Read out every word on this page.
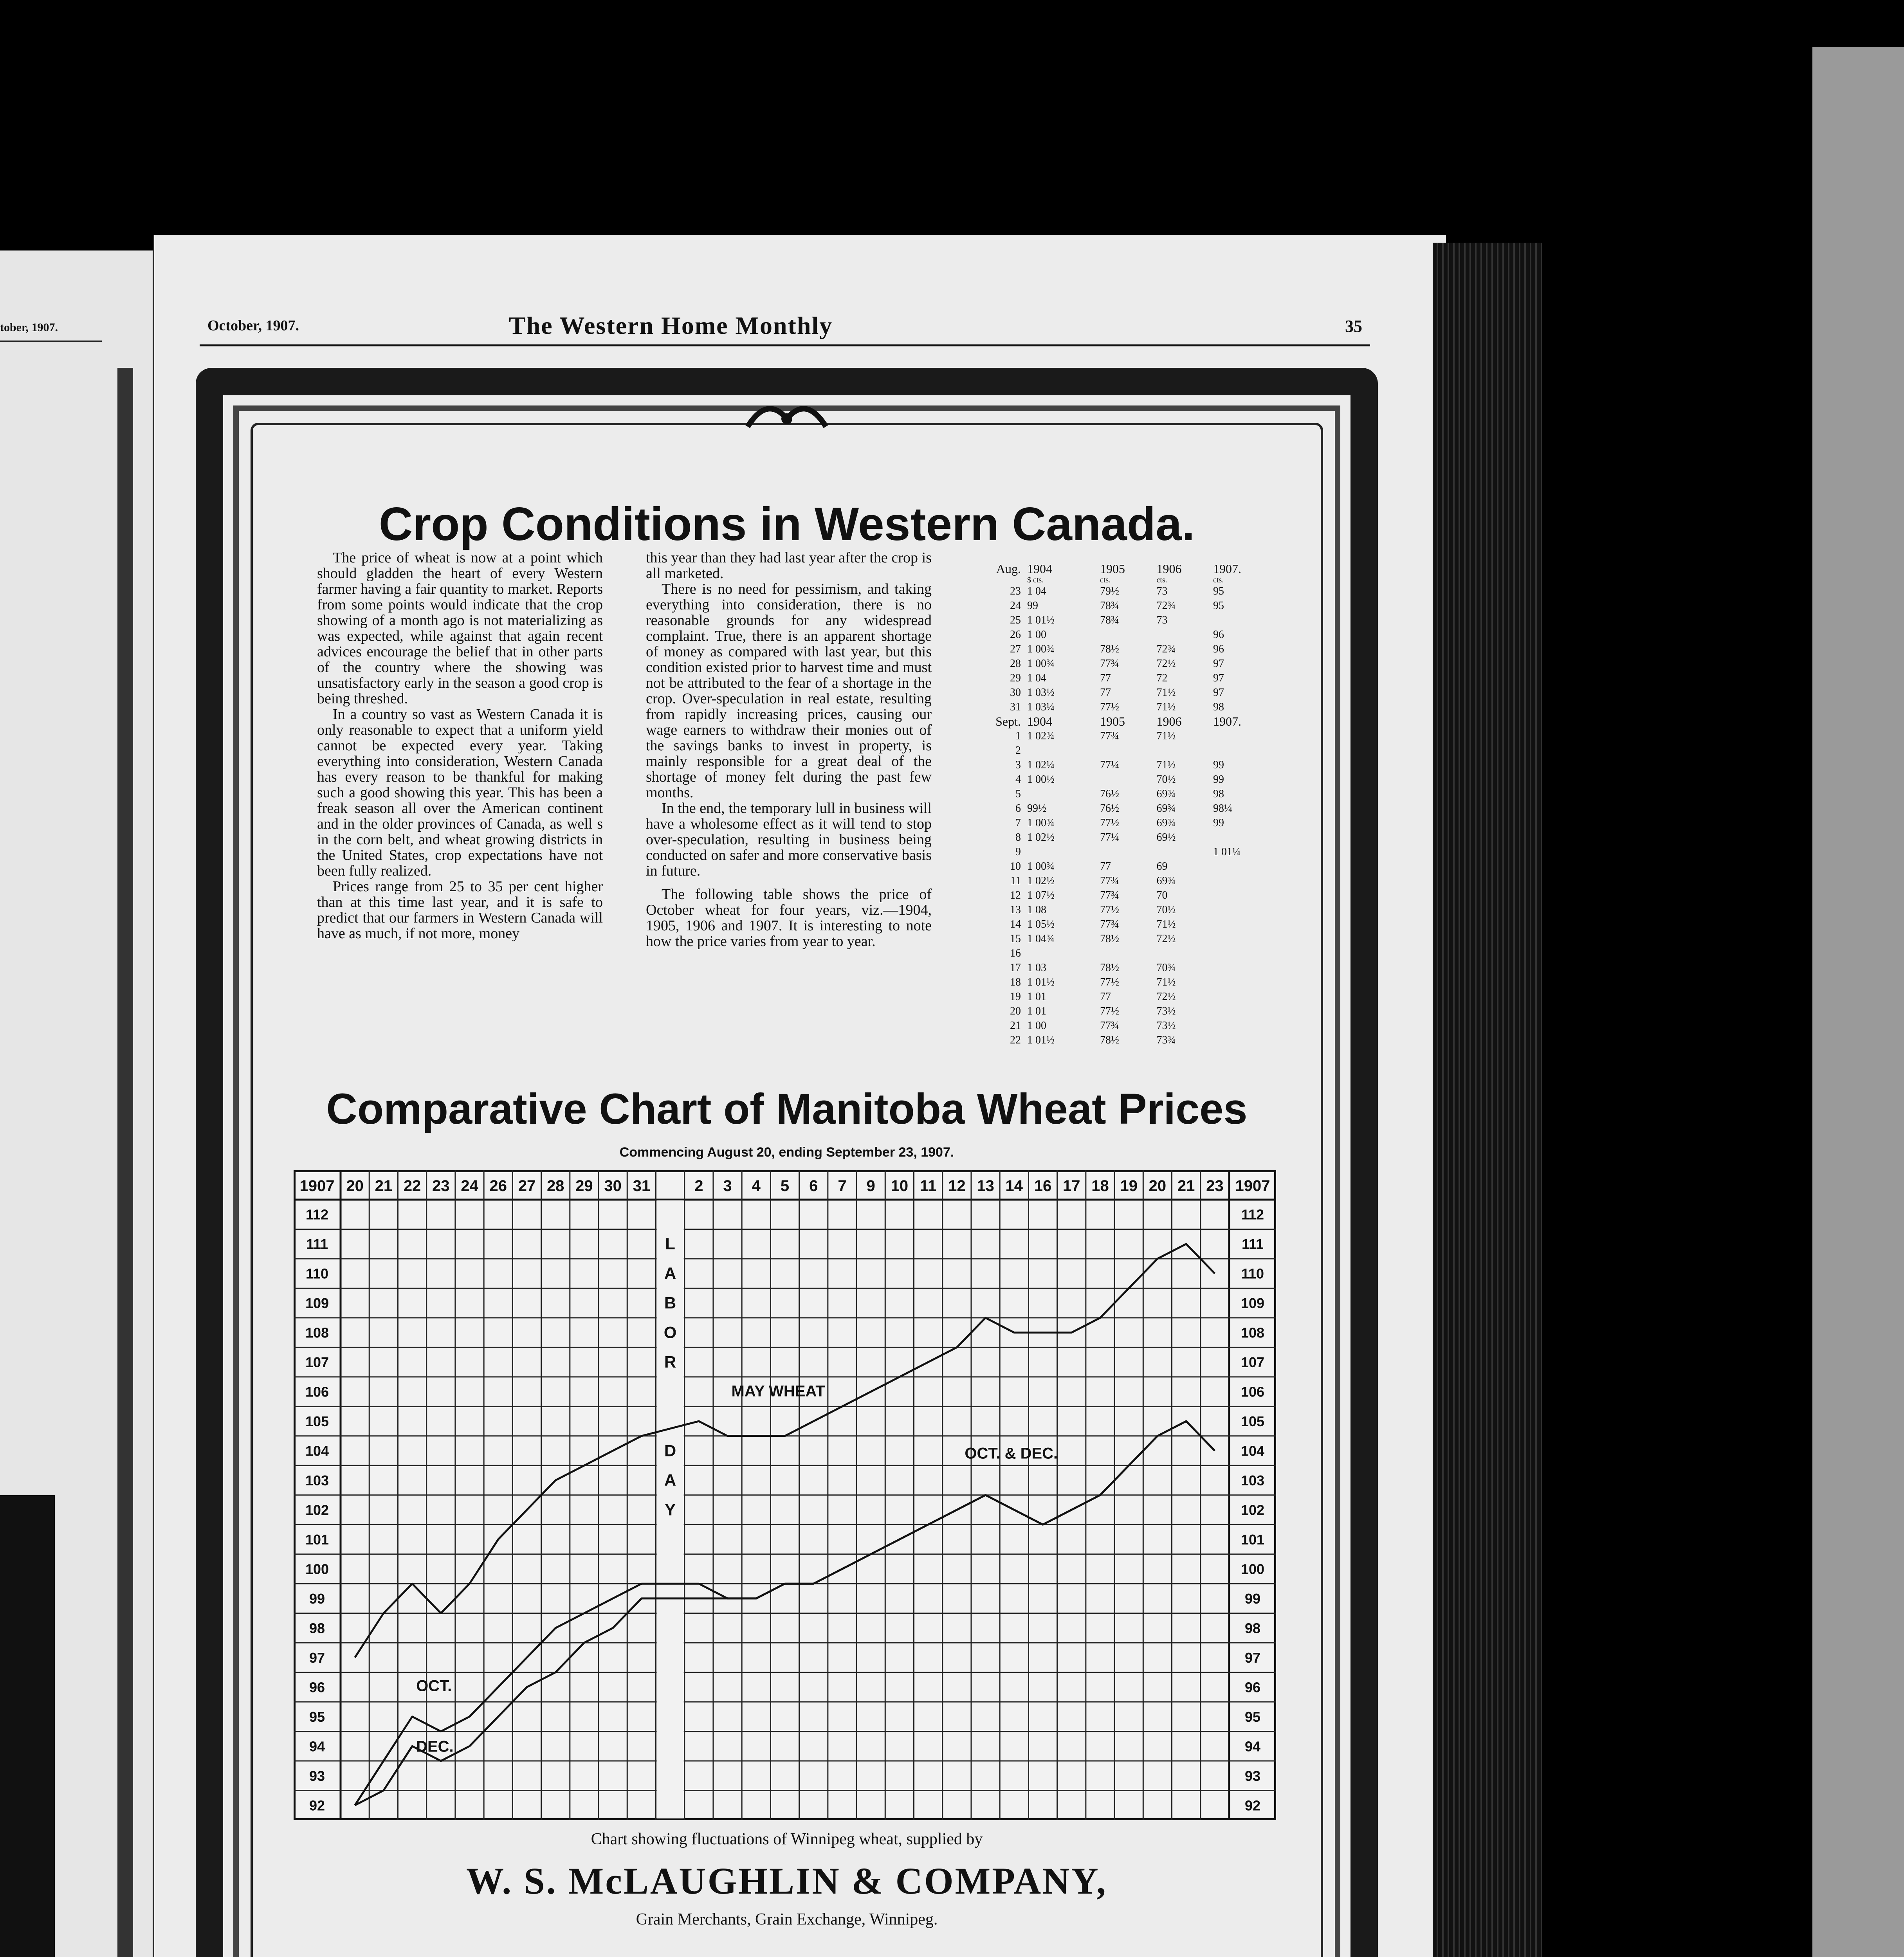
tober, 1907.	October, 1907.	The Western Home Monthly	35
Crop Conditions in Western Canada.

The price of wheat is now at a point which should gladden the heart of every Western farmer having a fair quantity to market. Reports from some points would indicate that the crop showing of a month ago is not materializing as was expected, while against that again recent advices encourage the belief that in other parts of the country where the showing was unsatisfactory early in the season a good crop is being threshed.

In a country so vast as Western Canada it is only reasonable to expect that a uniform yield cannot be expected every year. Taking everything into consideration, Western Canada has every reason to be thankful for making such a good showing this year. This has been a freak season all over the American continent and in the older provinces of Canada, as well s in the corn belt, and wheat growing districts in the United States, crop expectations have not been fully realized.

Prices range from 25 to 35 per cent higher than at this time last year, and it is safe to predict that our farmers in Western Canada will have as much, if not more, money

this year than they had last year after the crop is all marketed.

There is no need for pessimism, and taking everything into consideration, there is no reasonable grounds for any widespread complaint. True, there is an apparent shortage of money as compared with last year, but this condition existed prior to harvest time and must not be attributed to the fear of a shortage in the crop. Over-speculation in real estate, resulting from rapidly increasing prices, causing our wage earners to withdraw their monies out of the savings banks to invest in property, is mainly responsible for a great deal of the shortage of money felt during the past few months.

In the end, the temporary lull in business will have a wholesome effect as it will tend to stop over-speculation, resulting in business being conducted on safer and more conservative basis in future.

The following table shows the price of October wheat for four years, viz.—1904, 1905, 1906 and 1907. It is interesting to note how the price varies from year to year.

Aug.	1904	1905	1906	1907.
	$ cts.	cts.	cts.	cts.
23	1 04	79½	73	95
24	99	78¾	72¾	95
25	1 01½	78¾	73	
26	1 00			96
27	1 00¾	78½	72¾	96
28	1 00¾	77¾	72½	97
29	1 04	77	72	97
30	1 03½	77	71½	97
31	1 03¼	77½	71½	98
Sept.	1904	1905	1906	1907.
1	1 02¾	77¾	71½	
2				
3	1 02¼	77¼	71½	99
4	1 00½		70½	99
5		76½	69¾	98
6	99½	76½	69¾	98¼
7	1 00¾	77½	69¾	99
8	1 02½	77¼	69½	
9				1 01¼
10	1 00¾	77	69	
11	1 02½	77¾	69¾	
12	1 07½	77¾	70	
13	1 08	77½	70½	
14	1 05½	77¾	71½	
15	1 04¾	78½	72½	
16				
17	1 03	78½	70¾	
18	1 01½	77½	71½	
19	1 01	77	72½	
20	1 01	77½	73½	
21	1 00	77¾	73½	
22	1 01½	78½	73¾	
Comparative Chart of Manitoba Wheat Prices
Commencing August 20, ending September 23, 1907.
20 21 22 23 24 26 27 28 29 30 31	2 3 4 5 6 7 9 10 11 12 13 14 16 17 18 19 20 21 23
1907	1907
92	92
93	93
94	94
95	95
96	96
97	97
98	98
99	99
100	100
101	101
102	102
103	103
104	104
105	105
106	106
107	107
108	108
109	109
110	110
111	111
112	112
L
A
B
O
R
D
A
Y
MAY WHEAT
OCT. & DEC.
OCT.
DEC.
Chart showing fluctuations of Winnipeg wheat, supplied by
W. S. McLAUGHLIN & COMPANY,
Grain Merchants, Grain Exchange, Winnipeg.
